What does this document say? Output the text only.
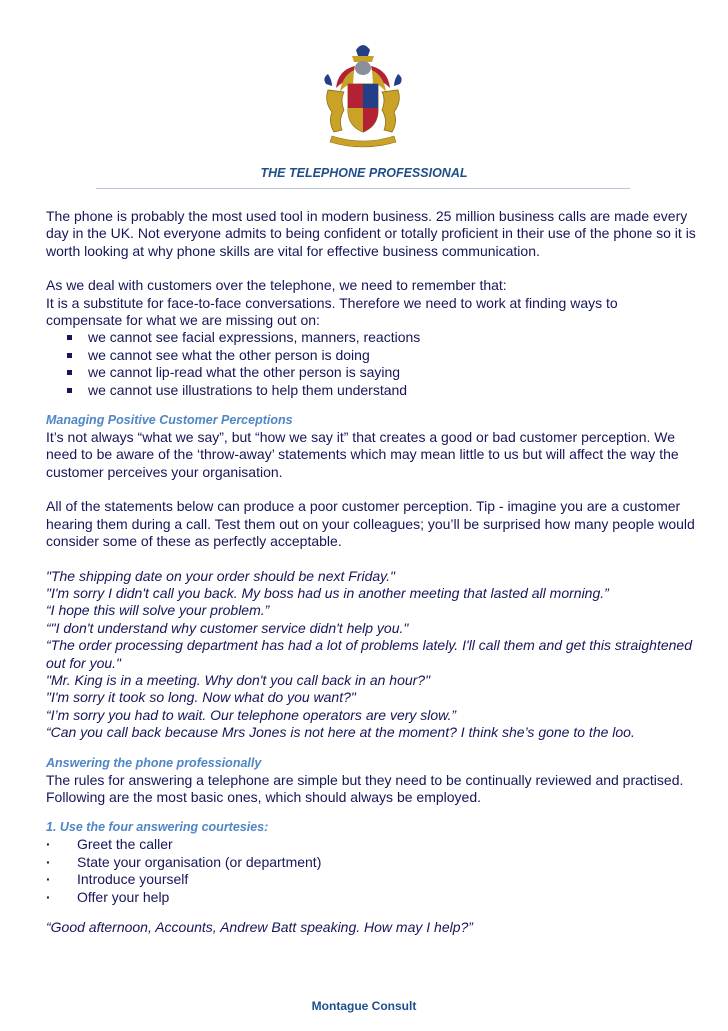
THE TELEPHONE PROFESSIONAL

The phone is probably the most used tool in modern business. 25 million business calls are made every day in the UK. Not everyone admits to being confident or totally proficient in their use of the phone so it is worth looking at why phone skills are vital for effective business communication.

As we deal with customers over the telephone, we need to remember that:

It is a substitute for face-to-face conversations. Therefore we need to work at finding ways to compensate for what we are missing out on:

we cannot see facial expressions, manners, reactions
we cannot see what the other person is doing
we cannot lip-read what the other person is saying
we cannot use illustrations to help them understand

Managing Positive Customer Perceptions

It’s not always “what we say”, but “how we say it” that creates a good or bad customer perception. We need to be aware of the ‘throw-away’ statements which may mean little to us but will affect the way the customer perceives your organisation.

All of the statements below can produce a poor customer perception. Tip - imagine you are a customer hearing them during a call. Test them out on your colleagues; you’ll be surprised how many people would consider some of these as perfectly acceptable.

"The shipping date on your order should be next Friday."

"I'm sorry I didn't call you back. My boss had us in another meeting that lasted all morning.”

“I hope this will solve your problem.”

“"I don't understand why customer service didn't help you."

“The order processing department has had a lot of problems lately. I'll call them and get this straightened out for you."

"Mr. King is in a meeting. Why don't you call back in an hour?"

"I'm sorry it took so long. Now what do you want?"

“I’m sorry you had to wait. Our telephone operators are very slow.”

“Can you call back because Mrs Jones is not here at the moment? I think she’s gone to the loo.

Answering the phone professionally

The rules for answering a telephone are simple but they need to be continually reviewed and practised. Following are the most basic ones, which should always be employed.

1. Use the four answering courtesies:

· Greet the caller
· State your organisation (or department)
· Introduce yourself
· Offer your help

“Good afternoon, Accounts, Andrew Batt speaking. How may I help?”

Montague Consult
